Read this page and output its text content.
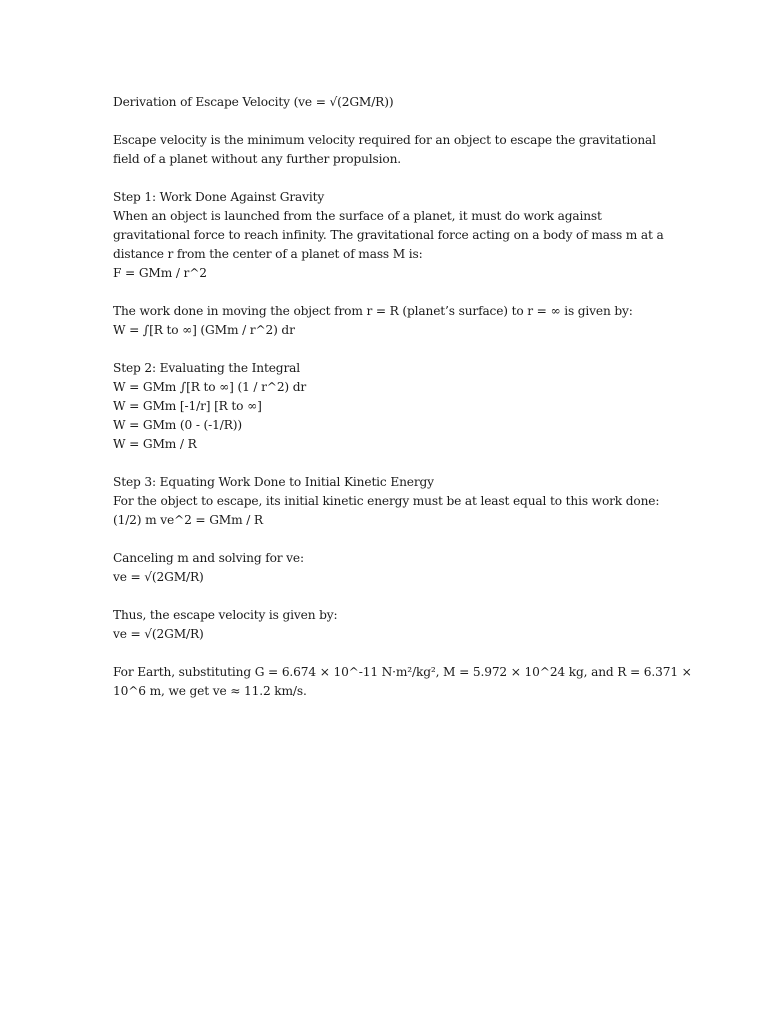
Derivation of Escape Velocity (ve = √(2GM/R))
Escape velocity is the minimum velocity required for an object to escape the gravitational
field of a planet without any further propulsion.
Step 1: Work Done Against Gravity
When an object is launched from the surface of a planet, it must do work against
gravitational force to reach infinity. The gravitational force acting on a body of mass m at a
distance r from the center of a planet of mass M is:
F = GMm / r^2
The work done in moving the object from r = R (planet’s surface) to r = ∞ is given by:
W = ∫[R to ∞] (GMm / r^2) dr
Step 2: Evaluating the Integral
W = GMm ∫[R to ∞] (1 / r^2) dr
W = GMm [-1/r] [R to ∞]
W = GMm (0 - (-1/R))
W = GMm / R
Step 3: Equating Work Done to Initial Kinetic Energy
For the object to escape, its initial kinetic energy must be at least equal to this work done:
(1/2) m ve^2 = GMm / R
Canceling m and solving for ve:
ve = √(2GM/R)
Thus, the escape velocity is given by:
ve = √(2GM/R)
For Earth, substituting G = 6.674 × 10^-11 N·m²/kg², M = 5.972 × 10^24 kg, and R = 6.371 ×
10^6 m, we get ve ≈ 11.2 km/s.
